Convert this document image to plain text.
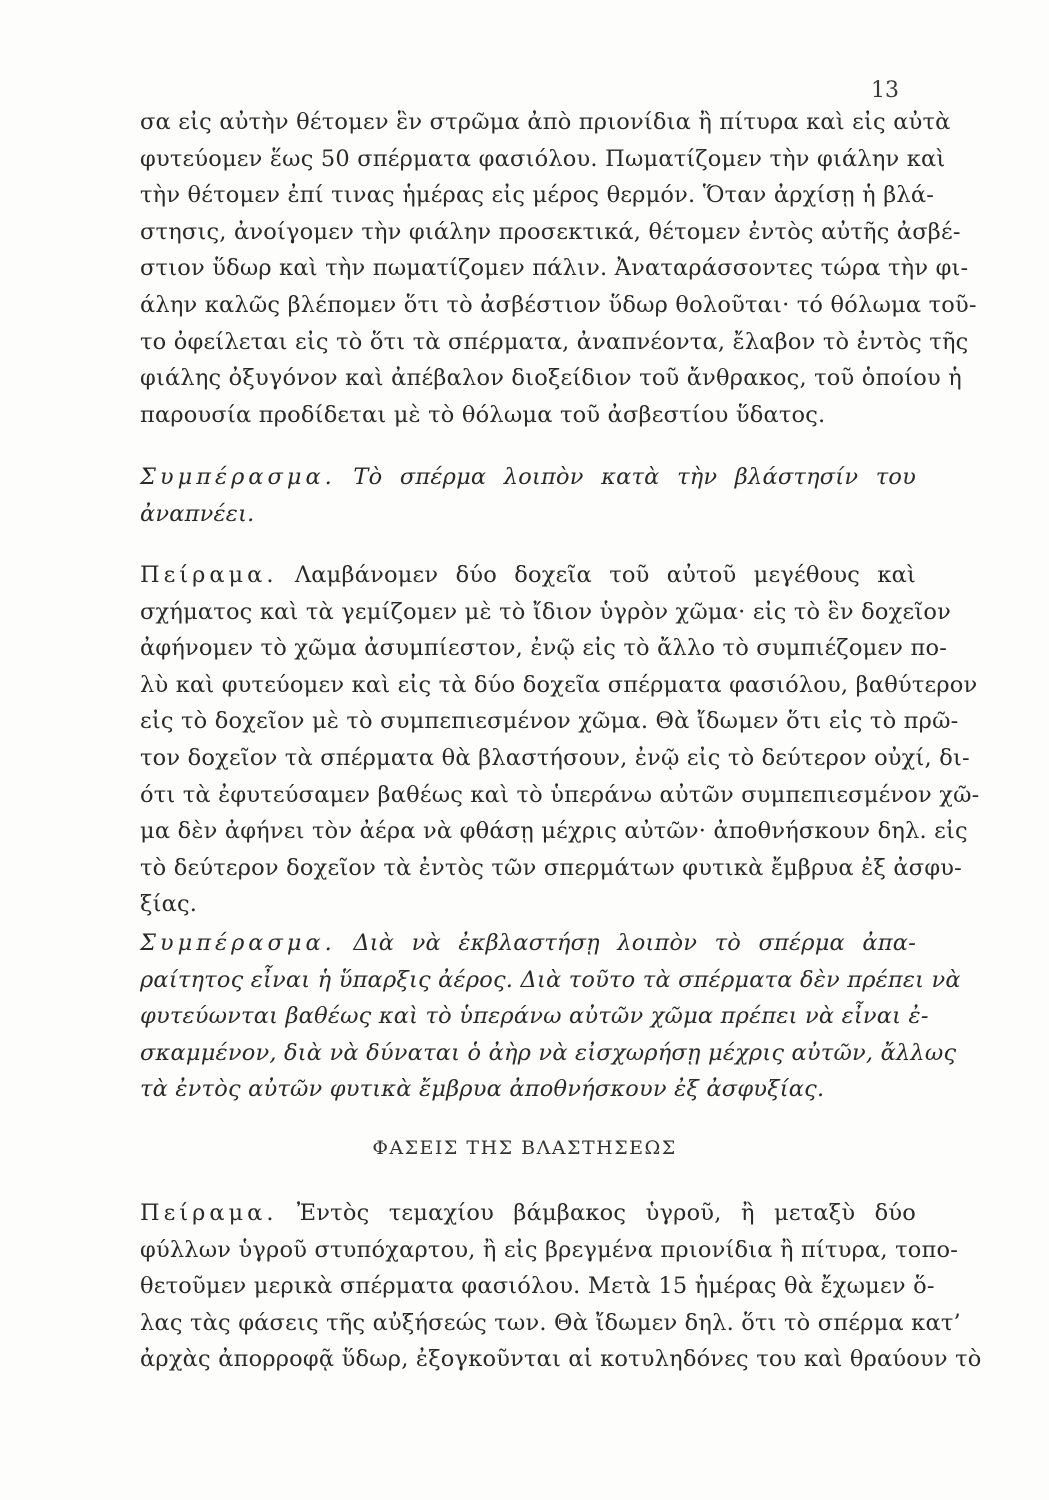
13
σα εἰς αὐτὴν θέτομεν ἓν στρῶμα ἀπὸ πριονίδια ἢ πίτυρα καὶ εἰς αὐτὰ
φυτεύομεν ἕως 50 σπέρματα φασιόλου. Πωματίζομεν τὴν φιάλην καὶ
τὴν θέτομεν ἐπί τινας ἡμέρας εἰς μέρος θερμόν. Ὅταν ἀρχίσῃ ἡ βλά-
στησις, ἀνοίγομεν τὴν φιάλην προσεκτικά, θέτομεν ἐντὸς αὐτῆς ἀσβέ-
στιον ὕδωρ καὶ τὴν πωματίζομεν πάλιν. Ἀναταράσσοντες τώρα τὴν φι-
άλην καλῶς βλέπομεν ὅτι τὸ ἀσβέστιον ὕδωρ θολοῦται· τό θόλωμα τοῦ-
το ὀφείλεται εἰς τὸ ὅτι τὰ σπέρματα, ἀναπνέοντα, ἔλαβον τὸ ἐντὸς τῆς
φιάλης ὀξυγόνον καὶ ἀπέβαλον διοξείδιον τοῦ ἄνθρακος, τοῦ ὁποίου ἡ
παρουσία προδίδεται μὲ τὸ θόλωμα τοῦ ἀσβεστίου ὕδατος.
Συμπέρασμα. Τὸ σπέρμα λοιπὸν κατὰ τὴν βλάστησίν του
ἀναπνέει.
Πείραμα. Λαμβάνομεν δύο δοχεῖα τοῦ αὐτοῦ μεγέθους καὶ
σχήματος καὶ τὰ γεμίζομεν μὲ τὸ ἴδιον ὑγρὸν χῶμα· εἰς τὸ ἓν δοχεῖον
ἀφήνομεν τὸ χῶμα ἀσυμπίεστον, ἐνῷ εἰς τὸ ἄλλο τὸ συμπιέζομεν πο-
λὺ καὶ φυτεύομεν καὶ εἰς τὰ δύο δοχεῖα σπέρματα φασιόλου, βαθύτερον
εἰς τὸ δοχεῖον μὲ τὸ συμπεπιεσμένον χῶμα. Θὰ ἴδωμεν ὅτι εἰς τὸ πρῶ-
τον δοχεῖον τὰ σπέρματα θὰ βλαστήσουν, ἐνῷ εἰς τὸ δεύτερον οὐχί, δι-
ότι τὰ ἐφυτεύσαμεν βαθέως καὶ τὸ ὑπεράνω αὐτῶν συμπεπιεσμένον χῶ-
μα δὲν ἀφήνει τὸν ἀέρα νὰ φθάσῃ μέχρις αὐτῶν· ἀποθνήσκουν δηλ. εἰς
τὸ δεύτερον δοχεῖον τὰ ἐντὸς τῶν σπερμάτων φυτικὰ ἔμβρυα ἐξ ἀσφυ-
ξίας.
Συμπέρασμα. Διὰ νὰ ἐκβλαστήσῃ λοιπὸν τὸ σπέρμα ἀπα-
ραίτητος εἶναι ἡ ὕπαρξις ἀέρος. Διὰ τοῦτο τὰ σπέρματα δὲν πρέπει νὰ
φυτεύωνται βαθέως καὶ τὸ ὑπεράνω αὐτῶν χῶμα πρέπει νὰ εἶναι ἐ-
σκαμμένον, διὰ νὰ δύναται ὁ ἀὴρ νὰ εἰσχωρήσῃ μέχρις αὐτῶν, ἄλλως
τὰ ἐντὸς αὐτῶν φυτικὰ ἔμβρυα ἀποθνήσκουν ἐξ ἀσφυξίας.
ΦΑΣΕΙΣ ΤΗΣ ΒΛΑΣΤΗΣΕΩΣ
Πείραμα. Ἐντὸς τεμαχίου βάμβακος ὑγροῦ, ἢ μεταξὺ δύο
φύλλων ὑγροῦ στυπόχαρτου, ἢ εἰς βρεγμένα πριονίδια ἢ πίτυρα, τοπο-
θετοῦμεν μερικὰ σπέρματα φασιόλου. Μετὰ 15 ἡμέρας θὰ ἔχωμεν ὅ-
λας τὰς φάσεις τῆς αὐξήσεώς των. Θὰ ἴδωμεν δηλ. ὅτι τὸ σπέρμα κατ’
ἀρχὰς ἀπορροφᾷ ὕδωρ, ἐξογκοῦνται αἱ κοτυληδόνες του καὶ θραύουν τὸ
